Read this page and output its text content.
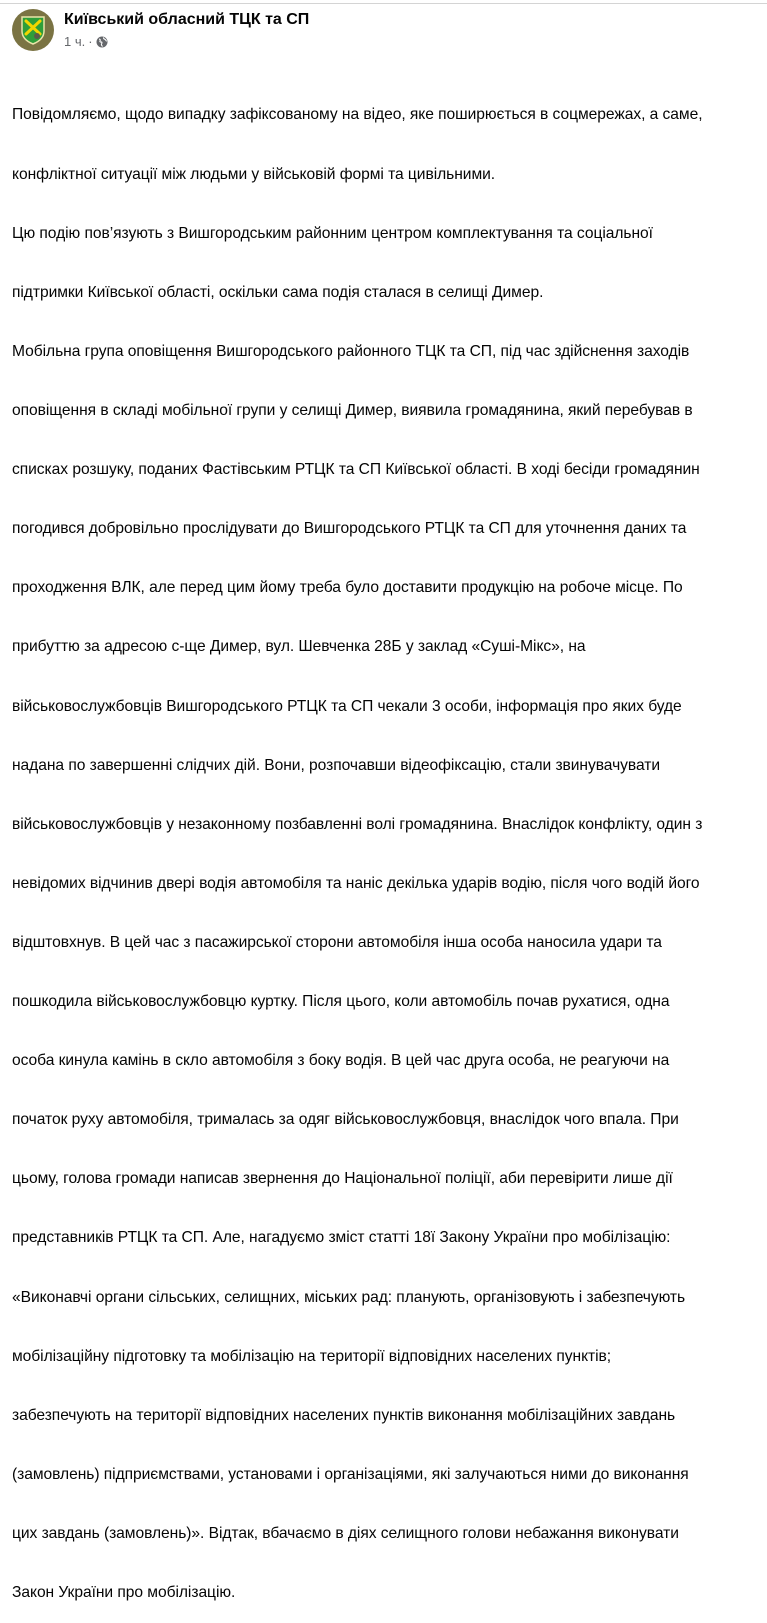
Київський обласний ТЦК та СП
1 ч. ·

Повідомляємо, щодо випадку зафіксованому на відео, яке поширюється в соцмережах, а саме,

конфліктної ситуації між людьми у військовій формі та цивільними.

Цю подію пов’язують з Вишгородським районним центром комплектування та соціальної

підтримки Київської області, оскільки сама подія сталася в селищі Димер.

Мобільна група оповіщення Вишгородського районного ТЦК та СП, під час здійснення заходів

оповіщення в складі мобільної групи у селищі Димер, виявила громадянина, який перебував в

списках розшуку, поданих Фастівським РТЦК та СП Київської області. В ході бесіди громадянин

погодився добровільно прослідувати до Вишгородського РТЦК та СП для уточнення даних та

проходження ВЛК, але перед цим йому треба було доставити продукцію на робоче місце. По

прибуттю за адресою с-ще Димер, вул. Шевченка 28Б у заклад «Суші-Мікс», на

військовослужбовців Вишгородського РТЦК та СП чекали 3 особи, інформація про яких буде

надана по завершенні слідчих дій. Вони, розпочавши відеофіксацію, стали звинувачувати

військовослужбовців у незаконному позбавленні волі громадянина. Внаслідок конфлікту, один з

невідомих відчинив двері водія автомобіля та наніс декілька ударів водію, після чого водій його

відштовхнув. В цей час з пасажирської сторони автомобіля інша особа наносила удари та

пошкодила військовослужбовцю куртку. Після цього, коли автомобіль почав рухатися, одна

особа кинула камінь в скло автомобіля з боку водія. В цей час друга особа, не реагуючи на

початок руху автомобіля, трималась за одяг військовослужбовця, внаслідок чого впала. При

цьому, голова громади написав звернення до Національної поліції, аби перевірити лише дії

представників РТЦК та СП. Але, нагадуємо зміст статті 18ї Закону України про мобілізацію:

«Виконавчі органи сільських, селищних, міських рад: планують, організовують і забезпечують

мобілізаційну підготовку та мобілізацію на території відповідних населених пунктів;

забезпечують на території відповідних населених пунктів виконання мобілізаційних завдань

(замовлень) підприємствами, установами і організаціями, які залучаються ними до виконання

цих завдань (замовлень)». Відтак, вбачаємо в діях селищного голови небажання виконувати

Закон України про мобілізацію.
